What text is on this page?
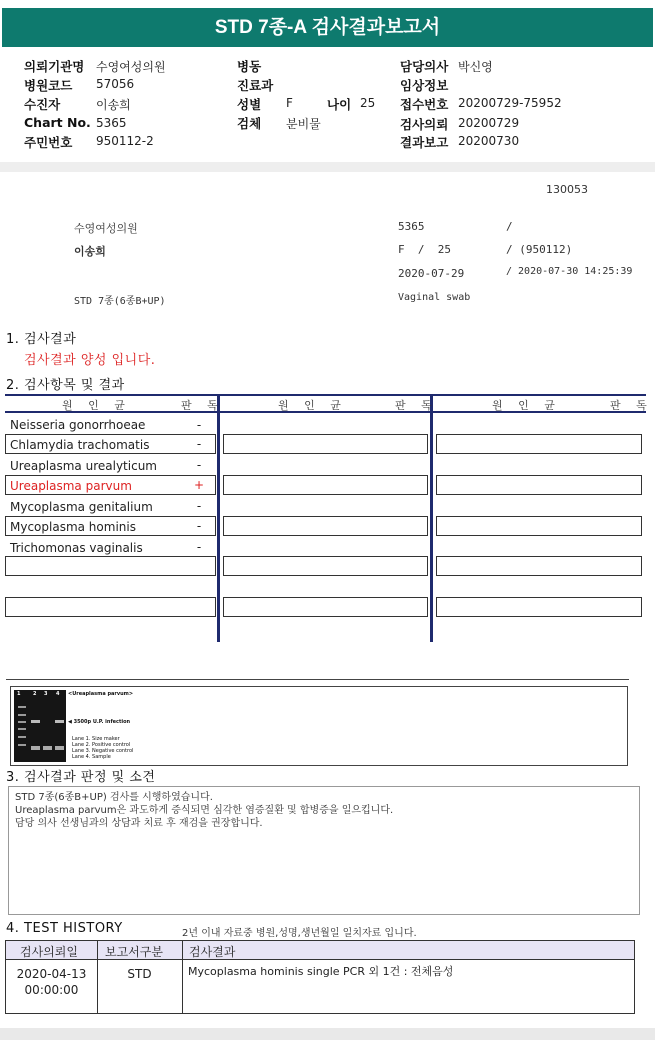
STD 7종-A 검사결과보고서
의뢰기관명 수영여성의원	병동	담당의사 박신영
병원코드 57056	진료과	임상정보
수진자	이송희	성별 F	나이 25 접수번호 20200729-75952
Chart No. 5365	검체 분비물	검사의뢰 20200729
주민번호 950112-2	결과보고 20200730
130053
수영여성의원	5365	/
이송희	F  /  25	/ (950112)
2020-07-29	/ 2020-07-30 14:25:39
STD 7종(6종B+UP)	Vaginal swab
1. 검사결과
검사결과 양성 입니다.
2. 검사항목 및 결과
원 인 균	판 독	원 인 균	판 독	원 인 균	판 독
Neisseria gonorrhoeae	-
Chlamydia trachomatis	-
Ureaplasma urealyticum	-
Ureaplasma parvum	+
Mycoplasma genitalium	-
Mycoplasma hominis	-
Trichomonas vaginalis	-
1	2 3 4 <Ureaplasma parvum>
◀ 3500p U.P. infection
Lane 1. Size maker
Lane 2. Positive control
Lane 3. Negative control
Lane 4. Sample
3. 검사결과 판정 및 소견
STD 7종(6종B+UP) 검사를 시행하였습니다.
Ureaplasma parvum은 과도하게 증식되면 심각한 염증질환 및 합병증을 일으킵니다.
담당 의사 선생님과의 상담과 치료 후 재검을 권장합니다.
4. TEST HISTORY	2년 이내 자료중 병원,성명,생년월일 일치자료 입니다.
검사의뢰일 보고서구분 검사결과
2020-04-13
00:00:00
STD	Mycoplasma hominis single PCR 외 1건 : 전체음성
